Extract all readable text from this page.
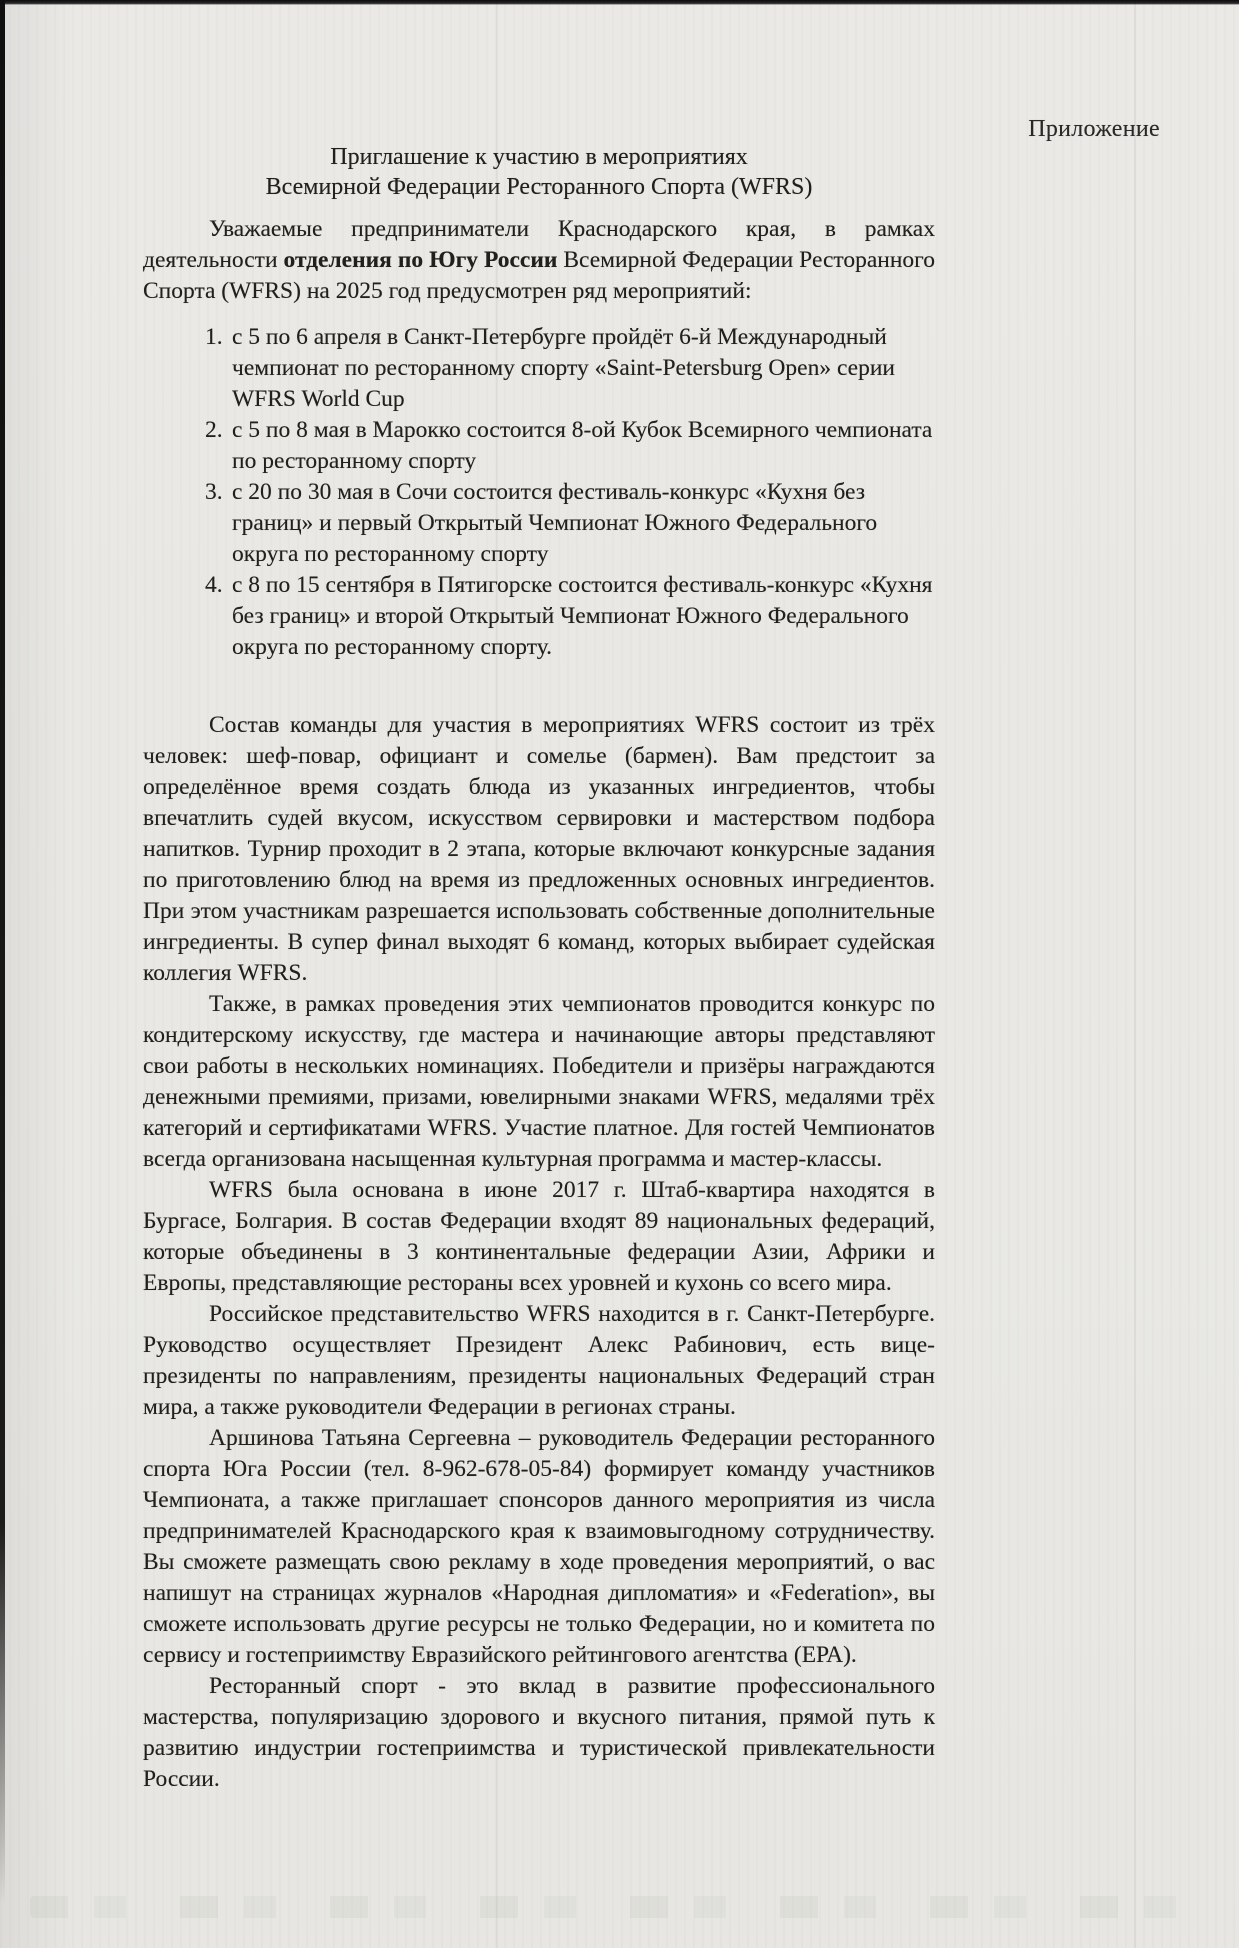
Приложение
Приглашение к участию в мероприятиях
Всемирной Федерации Ресторанного Спорта (WFRS)

Уважаемые предприниматели Краснодарского края, в рамках деятельности отделения по Югу России Всемирной Федерации Ресторанного Спорта (WFRS) на 2025 год предусмотрен ряд мероприятий:

1. с 5 по 6 апреля в Санкт-Петербурге пройдёт 6-й Международный чемпионат по ресторанному спорту «Saint-Petersburg Open» серии WFRS World Cup
2. с 5 по 8 мая в Марокко состоится 8-ой Кубок Всемирного чемпионата по ресторанному спорту
3. с 20 по 30 мая в Сочи состоится фестиваль-конкурс «Кухня без границ» и первый Открытый Чемпионат Южного Федерального округа по ресторанному спорту
4. с 8 по 15 сентября в Пятигорске состоится фестиваль-конкурс «Кухня без границ» и второй Открытый Чемпионат Южного Федерального округа по ресторанному спорту.

Состав команды для участия в мероприятиях WFRS состоит из трёх человек: шеф-повар, официант и сомелье (бармен). Вам предстоит за определённое время создать блюда из указанных ингредиентов, чтобы впечатлить судей вкусом, искусством сервировки и мастерством подбора напитков. Турнир проходит в 2 этапа, которые включают конкурсные задания по приготовлению блюд на время из предложенных основных ингредиентов. При этом участникам разрешается использовать собственные дополнительные ингредиенты. В супер финал выходят 6 команд, которых выбирает судейская коллегия WFRS.

Также, в рамках проведения этих чемпионатов проводится конкурс по кондитерскому искусству, где мастера и начинающие авторы представляют свои работы в нескольких номинациях. Победители и призёры награждаются денежными премиями, призами, ювелирными знаками WFRS, медалями трёх категорий и сертификатами WFRS. Участие платное. Для гостей Чемпионатов всегда организована насыщенная культурная программа и мастер-классы.

WFRS была основана в июне 2017 г. Штаб-квартира находятся в Бургасе, Болгария. В состав Федерации входят 89 национальных федераций, которые объединены в 3 континентальные федерации Азии, Африки и Европы, представляющие рестораны всех уровней и кухонь со всего мира.

Российское представительство WFRS находится в г. Санкт-Петербурге. Руководство осуществляет Президент Алекс Рабинович, есть вице-президенты по направлениям, президенты национальных Федераций стран мира, а также руководители Федерации в регионах страны.

Аршинова Татьяна Сергеевна – руководитель Федерации ресторанного спорта Юга России (тел. 8-962-678-05-84) формирует команду участников Чемпионата, а также приглашает спонсоров данного мероприятия из числа предпринимателей Краснодарского края к взаимовыгодному сотрудничеству. Вы сможете размещать свою рекламу в ходе проведения мероприятий, о вас напишут на страницах журналов «Народная дипломатия» и «Federation», вы сможете использовать другие ресурсы не только Федерации, но и комитета по сервису и гостеприимству Евразийского рейтингового агентства (ЕРА).

Ресторанный спорт - это вклад в развитие профессионального мастерства, популяризацию здорового и вкусного питания, прямой путь к развитию индустрии гостеприимства и туристической привлекательности России.
